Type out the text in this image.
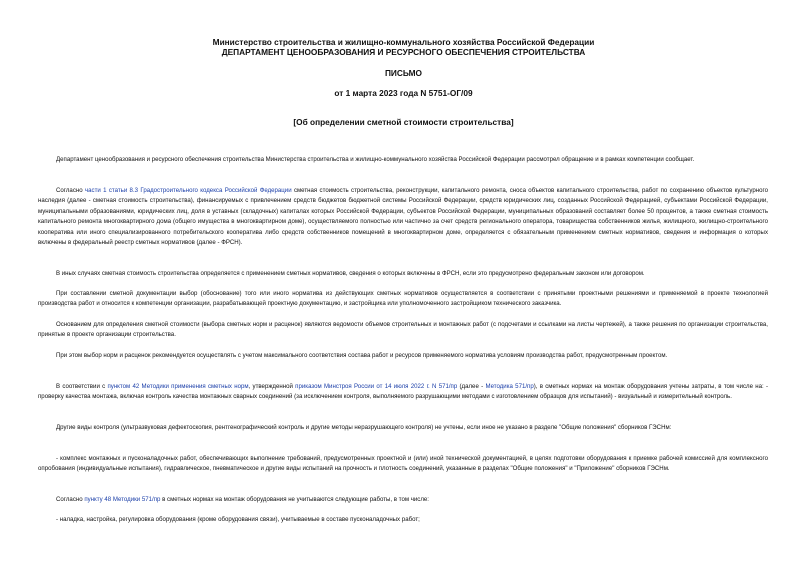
Министерство строительства и жилищно-коммунального хозяйства Российской Федерации

ДЕПАРТАМЕНТ ЦЕНООБРАЗОВАНИЯ И РЕСУРСНОГО ОБЕСПЕЧЕНИЯ СТРОИТЕЛЬСТВА

ПИСЬМО

от 1 марта 2023 года N 5751-ОГ/09

[Об определении сметной стоимости строительства]

Департамент ценообразования и ресурсного обеспечения строительства Министерства строительства и жилищно-коммунального хозяйства Российской Федерации рассмотрел обращение и в рамках компетенции сообщает.

Согласно части 1 статьи 8.3 Градостроительного кодекса Российской Федерации сметная стоимость строительства, реконструкции, капитального ремонта, сноса объектов капитального строительства, работ по сохранению объектов культурного наследия (далее - сметная стоимость строительства), финансируемых с привлечением средств бюджетов бюджетной системы Российской Федерации, средств юридических лиц, созданных Российской Федерацией, субъектами Российской Федерации, муниципальными образованиями, юридических лиц, доля в уставных (складочных) капиталах которых Российской Федерации, субъектов Российской Федерации, муниципальных образований составляет более 50 процентов, а также сметная стоимость капитального ремонта многоквартирного дома (общего имущества в многоквартирном доме), осуществляемого полностью или частично за счет средств регионального оператора, товарищества собственников жилья, жилищного, жилищно-строительного кооператива или иного специализированного потребительского кооператива либо средств собственников помещений в многоквартирном доме, определяется с обязательным применением сметных нормативов, сведения и информация о которых включены в федеральный реестр сметных нормативов (далее - ФРСН).

В иных случаях сметная стоимость строительства определяется с применением сметных нормативов, сведения о которых включены в ФРСН, если это предусмотрено федеральным законом или договором.

При составлении сметной документации выбор (обоснование) того или иного норматива из действующих сметных нормативов осуществляется в соответствии с принятыми проектными решениями и применяемой в проекте технологией производства работ и относится к компетенции организации, разрабатывающей проектную документацию, и застройщика или уполномоченного застройщиком технического заказчика.

Основанием для определения сметной стоимости (выбора сметных норм и расценок) являются ведомости объемов строительных и монтажных работ (с подсчетами и ссылками на листы чертежей), а также решения по организации строительства, принятые в проекте организации строительства.

При этом выбор норм и расценок рекомендуется осуществлять с учетом максимального соответствия состава работ и ресурсов применяемого норматива условиям производства работ, предусмотренным проектом.

В соответствии с пунктом 42 Методики применения сметных норм, утвержденной приказом Минстроя России от 14 июля 2022 г. N 571/пр (далее - Методика 571/пр), в сметных нормах на монтаж оборудования учтены затраты, в том числе на: - проверку качества монтажа, включая контроль качества монтажных сварных соединений (за исключением контроля, выполняемого разрушающими методами с изготовлением образцов для испытаний) - визуальный и измерительный контроль.

Другие виды контроля (ультразвуковая дефектоскопия, рентгенографический контроль и другие методы неразрушающего контроля) не учтены, если иное не указано в разделе "Общие положения" сборников ГЭСНм:

- комплекс монтажных и пусконаладочных работ, обеспечивающих выполнение требований, предусмотренных проектной и (или) иной технической документацией, в целях подготовки оборудования к приемке рабочей комиссией для комплексного опробования (индивидуальные испытания), гидравлическое, пневматическое и другие виды испытаний на прочность и плотность соединений, указанные в разделах "Общие положения" и "Приложение" сборников ГЭСНм.

Согласно пункту 48 Методики 571/пр в сметных нормах на монтаж оборудования не учитываются следующие работы, в том числе:

- наладка, настройка, регулировка оборудования (кроме оборудования связи), учитываемые в составе пусконаладочных работ;
